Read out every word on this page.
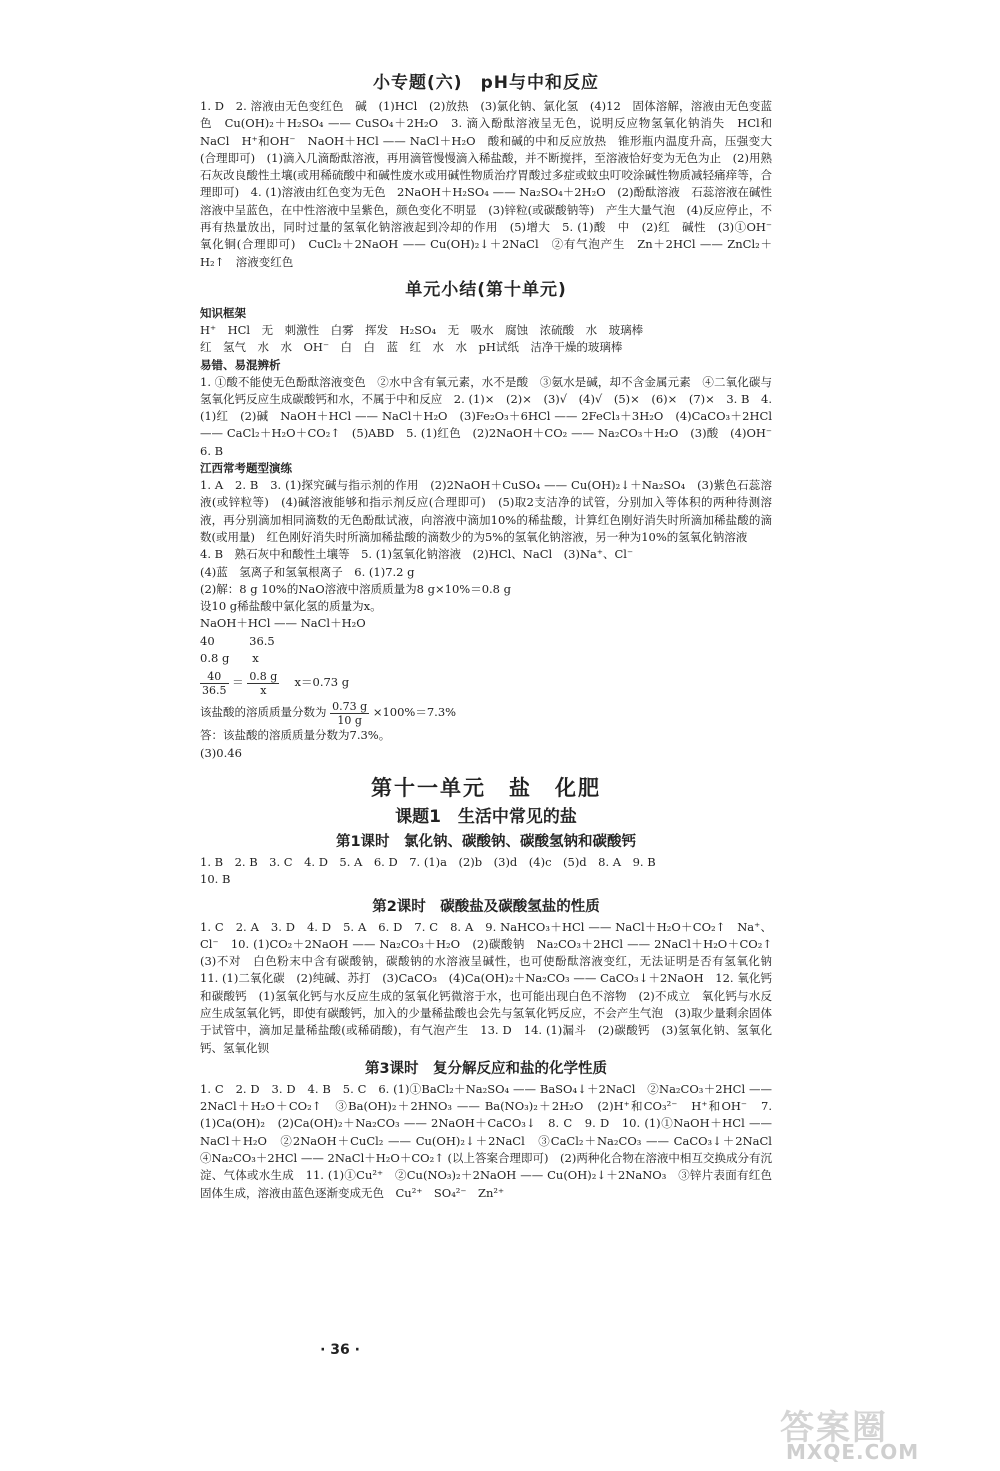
小专题(六)　pH与中和反应
1. D　2. 溶液由无色变红色　碱　(1)HCl　(2)放热　(3)氯化钠、氯化氢　(4)12　固体溶解，溶液由无色变蓝色　Cu(OH)₂＋H₂SO₄ —— CuSO₄＋2H₂O　3. 滴入酚酞溶液呈无色，说明反应物氢氧化钠消失　HCl和NaCl　H⁺和OH⁻　NaOH＋HCl —— NaCl＋H₂O　酸和碱的中和反应放热　锥形瓶内温度升高，压强变大(合理即可)　(1)滴入几滴酚酞溶液，再用滴管慢慢滴入稀盐酸，并不断搅拌，至溶液恰好变为无色为止　(2)用熟石灰改良酸性土壤(或用稀硫酸中和碱性废水或用碱性物质治疗胃酸过多症或蚊虫叮咬涂碱性物质减轻痛痒等，合理即可)　4. (1)溶液由红色变为无色　2NaOH＋H₂SO₄ —— Na₂SO₄＋2H₂O　(2)酚酞溶液　石蕊溶液在碱性溶液中呈蓝色，在中性溶液中呈紫色，颜色变化不明显　(3)锌粒(或碳酸钠等)　产生大量气泡　(4)反应停止，不再有热量放出，同时过量的氢氧化钠溶液起到冷却的作用　(5)增大　5. (1)酸　中　(2)红　碱性　(3)①OH⁻　氧化铜(合理即可)　CuCl₂＋2NaOH —— Cu(OH)₂↓＋2NaCl　②有气泡产生　Zn＋2HCl —— ZnCl₂＋H₂↑　溶液变红色
单元小结(第十单元)
知识框架
H⁺　HCl　无　刺激性　白雾　挥发　H₂SO₄　无　吸水　腐蚀　浓硫酸　水　玻璃棒
红　氢气　水　水　OH⁻　白　白　蓝　红　水　水　pH试纸　洁净干燥的玻璃棒
易错、易混辨析
1. ①酸不能使无色酚酞溶液变色　②水中含有氧元素，水不是酸　③氨水是碱，却不含金属元素　④二氧化碳与氢氧化钙反应生成碳酸钙和水，不属于中和反应　2. (1)×　(2)×　(3)√　(4)√　(5)×　(6)×　(7)×　3. B　4. (1)红　(2)碱　NaOH＋HCl —— NaCl＋H₂O　(3)Fe₂O₃＋6HCl —— 2FeCl₃＋3H₂O　(4)CaCO₃＋2HCl —— CaCl₂＋H₂O＋CO₂↑　(5)ABD　5. (1)红色　(2)2NaOH＋CO₂ —— Na₂CO₃＋H₂O　(3)酸　(4)OH⁻　6. B
江西常考题型演练
1. A　2. B　3. (1)探究碱与指示剂的作用　(2)2NaOH＋CuSO₄ —— Cu(OH)₂↓＋Na₂SO₄　(3)紫色石蕊溶液(或锌粒等)　(4)碱溶液能够和指示剂反应(合理即可)　(5)取2支洁净的试管，分别加入等体积的两种待测溶液，再分别滴加相同滴数的无色酚酞试液，向溶液中滴加10%的稀盐酸，计算红色刚好消失时所滴加稀盐酸的滴数(或用量)　红色刚好消失时所滴加稀盐酸的滴数少的为5%的氢氧化钠溶液，另一种为10%的氢氧化钠溶液
4. B　熟石灰中和酸性土壤等　5. (1)氢氧化钠溶液　(2)HCl、NaCl　(3)Na⁺、Cl⁻
(4)蓝　氢离子和氢氧根离子　6. (1)7.2 g
(2)解：8 g 10%的NaO溶液中溶质质量为8 g×10%＝0.8 g
设10 g稀盐酸中氯化氢的质量为x。
NaOH＋HCl —— NaCl＋H₂O
40　　　36.5
0.8 g　　x
$\frac{40}{36.5} = \frac{0.8 g}{x}$ 　x＝0.73 g
该盐酸的溶质质量分数为 $\frac{0.73 g}{10 g} \times 100\%=7.3\%$
答：该盐酸的溶质质量分数为7.3%。
(3)0.46
第十一单元　盐　化肥
课题1　生活中常见的盐
第1课时　氯化钠、碳酸钠、碳酸氢钠和碳酸钙
1. B　2. B　3. C　4. D　5. A　6. D　7. (1)a　(2)b　(3)d　(4)c　(5)d　8. A　9. B
10. B
第2课时　碳酸盐及碳酸氢盐的性质
1. C　2. A　3. D　4. D　5. A　6. D　7. C　8. A　9. NaHCO₃＋HCl —— NaCl＋H₂O＋CO₂↑　Na⁺、Cl⁻　10. (1)CO₂＋2NaOH —— Na₂CO₃＋H₂O　(2)碳酸钠　Na₂CO₃＋2HCl —— 2NaCl＋H₂O＋CO₂↑　(3)不对　白色粉末中含有碳酸钠，碳酸钠的水溶液呈碱性，也可使酚酞溶液变红，无法证明是否有氢氧化钠　11. (1)二氧化碳　(2)纯碱、苏打　(3)CaCO₃　(4)Ca(OH)₂＋Na₂CO₃ —— CaCO₃↓＋2NaOH　12. 氧化钙和碳酸钙　(1)氢氧化钙与水反应生成的氢氧化钙微溶于水，也可能出现白色不溶物　(2)不成立　氧化钙与水反应生成氢氧化钙，即使有碳酸钙，加入的少量稀盐酸也会先与氢氧化钙反应，不会产生气泡　(3)取少量剩余固体于试管中，滴加足量稀盐酸(或稀硝酸)，有气泡产生　13. D　14. (1)漏斗　(2)碳酸钙　(3)氢氧化钠、氢氧化钙、氢氧化钡
第3课时　复分解反应和盐的化学性质
1. C　2. D　3. D　4. B　5. C　6. (1)①BaCl₂＋Na₂SO₄ —— BaSO₄↓＋2NaCl　②Na₂CO₃＋2HCl —— 2NaCl＋H₂O＋CO₂↑　③Ba(OH)₂＋2HNO₃ —— Ba(NO₃)₂＋2H₂O　(2)H⁺和CO₃²⁻　H⁺和OH⁻　7. (1)Ca(OH)₂　(2)Ca(OH)₂＋Na₂CO₃ —— 2NaOH＋CaCO₃↓　8. C　9. D　10. (1)①NaOH＋HCl —— NaCl＋H₂O　②2NaOH＋CuCl₂ —— Cu(OH)₂↓＋2NaCl　③CaCl₂＋Na₂CO₃ —— CaCO₃↓＋2NaCl　④Na₂CO₃＋2HCl —— 2NaCl＋H₂O＋CO₂↑ (以上答案合理即可)　(2)两种化合物在溶液中相互交换成分有沉淀、气体或水生成　11. (1)①Cu²⁺　②Cu(NO₃)₂＋2NaOH —— Cu(OH)₂↓＋2NaNO₃　③锌片表面有红色固体生成，溶液由蓝色逐渐变成无色　Cu²⁺　SO₄²⁻　Zn²⁺
· 36 ·
答案圈
MXQE.COM
